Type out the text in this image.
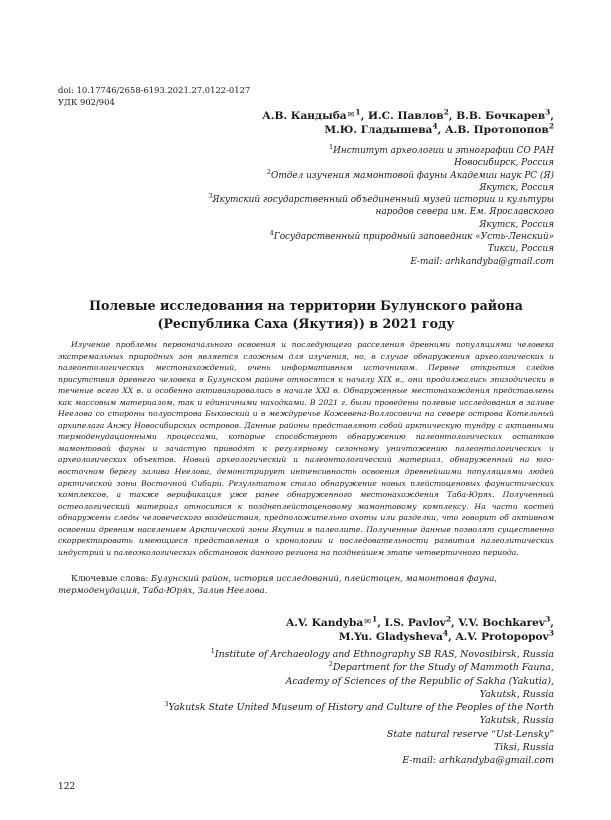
doi: 10.17746/2658-6193.2021.27.0122-0127
УДК 902/904
А.В. Кандыба✉$^1$, И.С. Павлов$^2$, В.В. Бочкарев$^3$,
М.Ю. Гладышева$^4$, А.В. Протопопов$^2$
$^1$Институт археологии и этнографии СО РАН
Новосибирск, Россия
$^2$Отдел изучения мамонтовой фауны Академии наук РС (Я)
Якутск, Россия
$^3$Якутский государственный объединенный музей истории и культуры
народов севера им. Ем. Ярославского
Якутск, Россия
$^4$Государственный природный заповедник «Усть-Ленский»
Тикси, Россия
E-mail: arhkandyba@gmail.com
Полевые исследования на территории Булунского района
(Республика Саха (Якутия)) в 2021 году

Изучение проблемы первоначального освоения и последующего расселения древними популяциями человека экстремальных природных зон является сложным для изучения, но, в случае обнаружения археологических и палеонтологических местонахождений, очень информативным источником. Первые открытия следов присутствия древнего человека в Булунском районе относятся к началу XIX в., они продолжались эпизодически в течение всего XX в. и особенно активизировались в начале XXI в. Обнаруженные местонахождения представлены как массовым материалом, так и единичными находками. В 2021 г. были проведены полевые исследования в заливе Неелова со стороны полуострова Быковский и в междуречье Кожевена-Воллосовича на севере острова Котельный архипелага Анжу Новосибирских островов. Данные районы представляют собой арктическую тундру с активными термоденудационными процессами, которые способствуют обнаружению палеонтологических остатков мамонтовой фауны и зачастую приводят к регулярному сезонному уничтожению палеонтологических и археологических объектов. Новый археологический и палеонтологический материал, обнаруженный на юго-восточном берегу залива Неелова, демонстрирует интенсивность освоения древнейшими популяциями людей арктической зоны Восточной Сибири. Результатом стало обнаружение новых плейстоценовых фаунистических комплексов, а также верификация уже ранее обнаруженного местонахождения Таба-Юрях. Полученный остеологический материал относится к позднеплейстоценовому мамонтовому комплексу. На части костей обнаружены следы человеческого воздействия, предположительно охоты или разделки, что говорит об активном освоении древним населением Арктической зоны Якутии в палеолите. Полученные данные позволят существенно скорректировать имеющиеся представления о хронологии и последовательности развития палеолитических индустрий и палеоэкологических обстановок данного региона на позднейшем этапе четвертичного периода.

Ключевые слова: Булунский район, история исследований, плейстоцен, мамонтовая фауна, термоденудация, Таба-Юрях, Залив Неелова.

A.V. Kandyba✉$^1$, I.S. Pavlov$^2$, V.V. Bochkarev$^3$,
M.Yu. Gladysheva$^4$, A.V. Protopopov$^3$
$^1$Institute of Archaeology and Ethnography SB RAS, Novosibirsk, Russia
$^2$Department for the Study of Mammoth Fauna,
Academy of Sciences of the Republic of Sakha (Yakutia),
Yakutsk, Russia
$^3$Yakutsk State United Museum of History and Culture of the Peoples of the North
Yakutsk, Russia
State natural reserve “Ust-Lensky”
Tiksi, Russia
E-mail: arhkandyba@gmail.com
122
